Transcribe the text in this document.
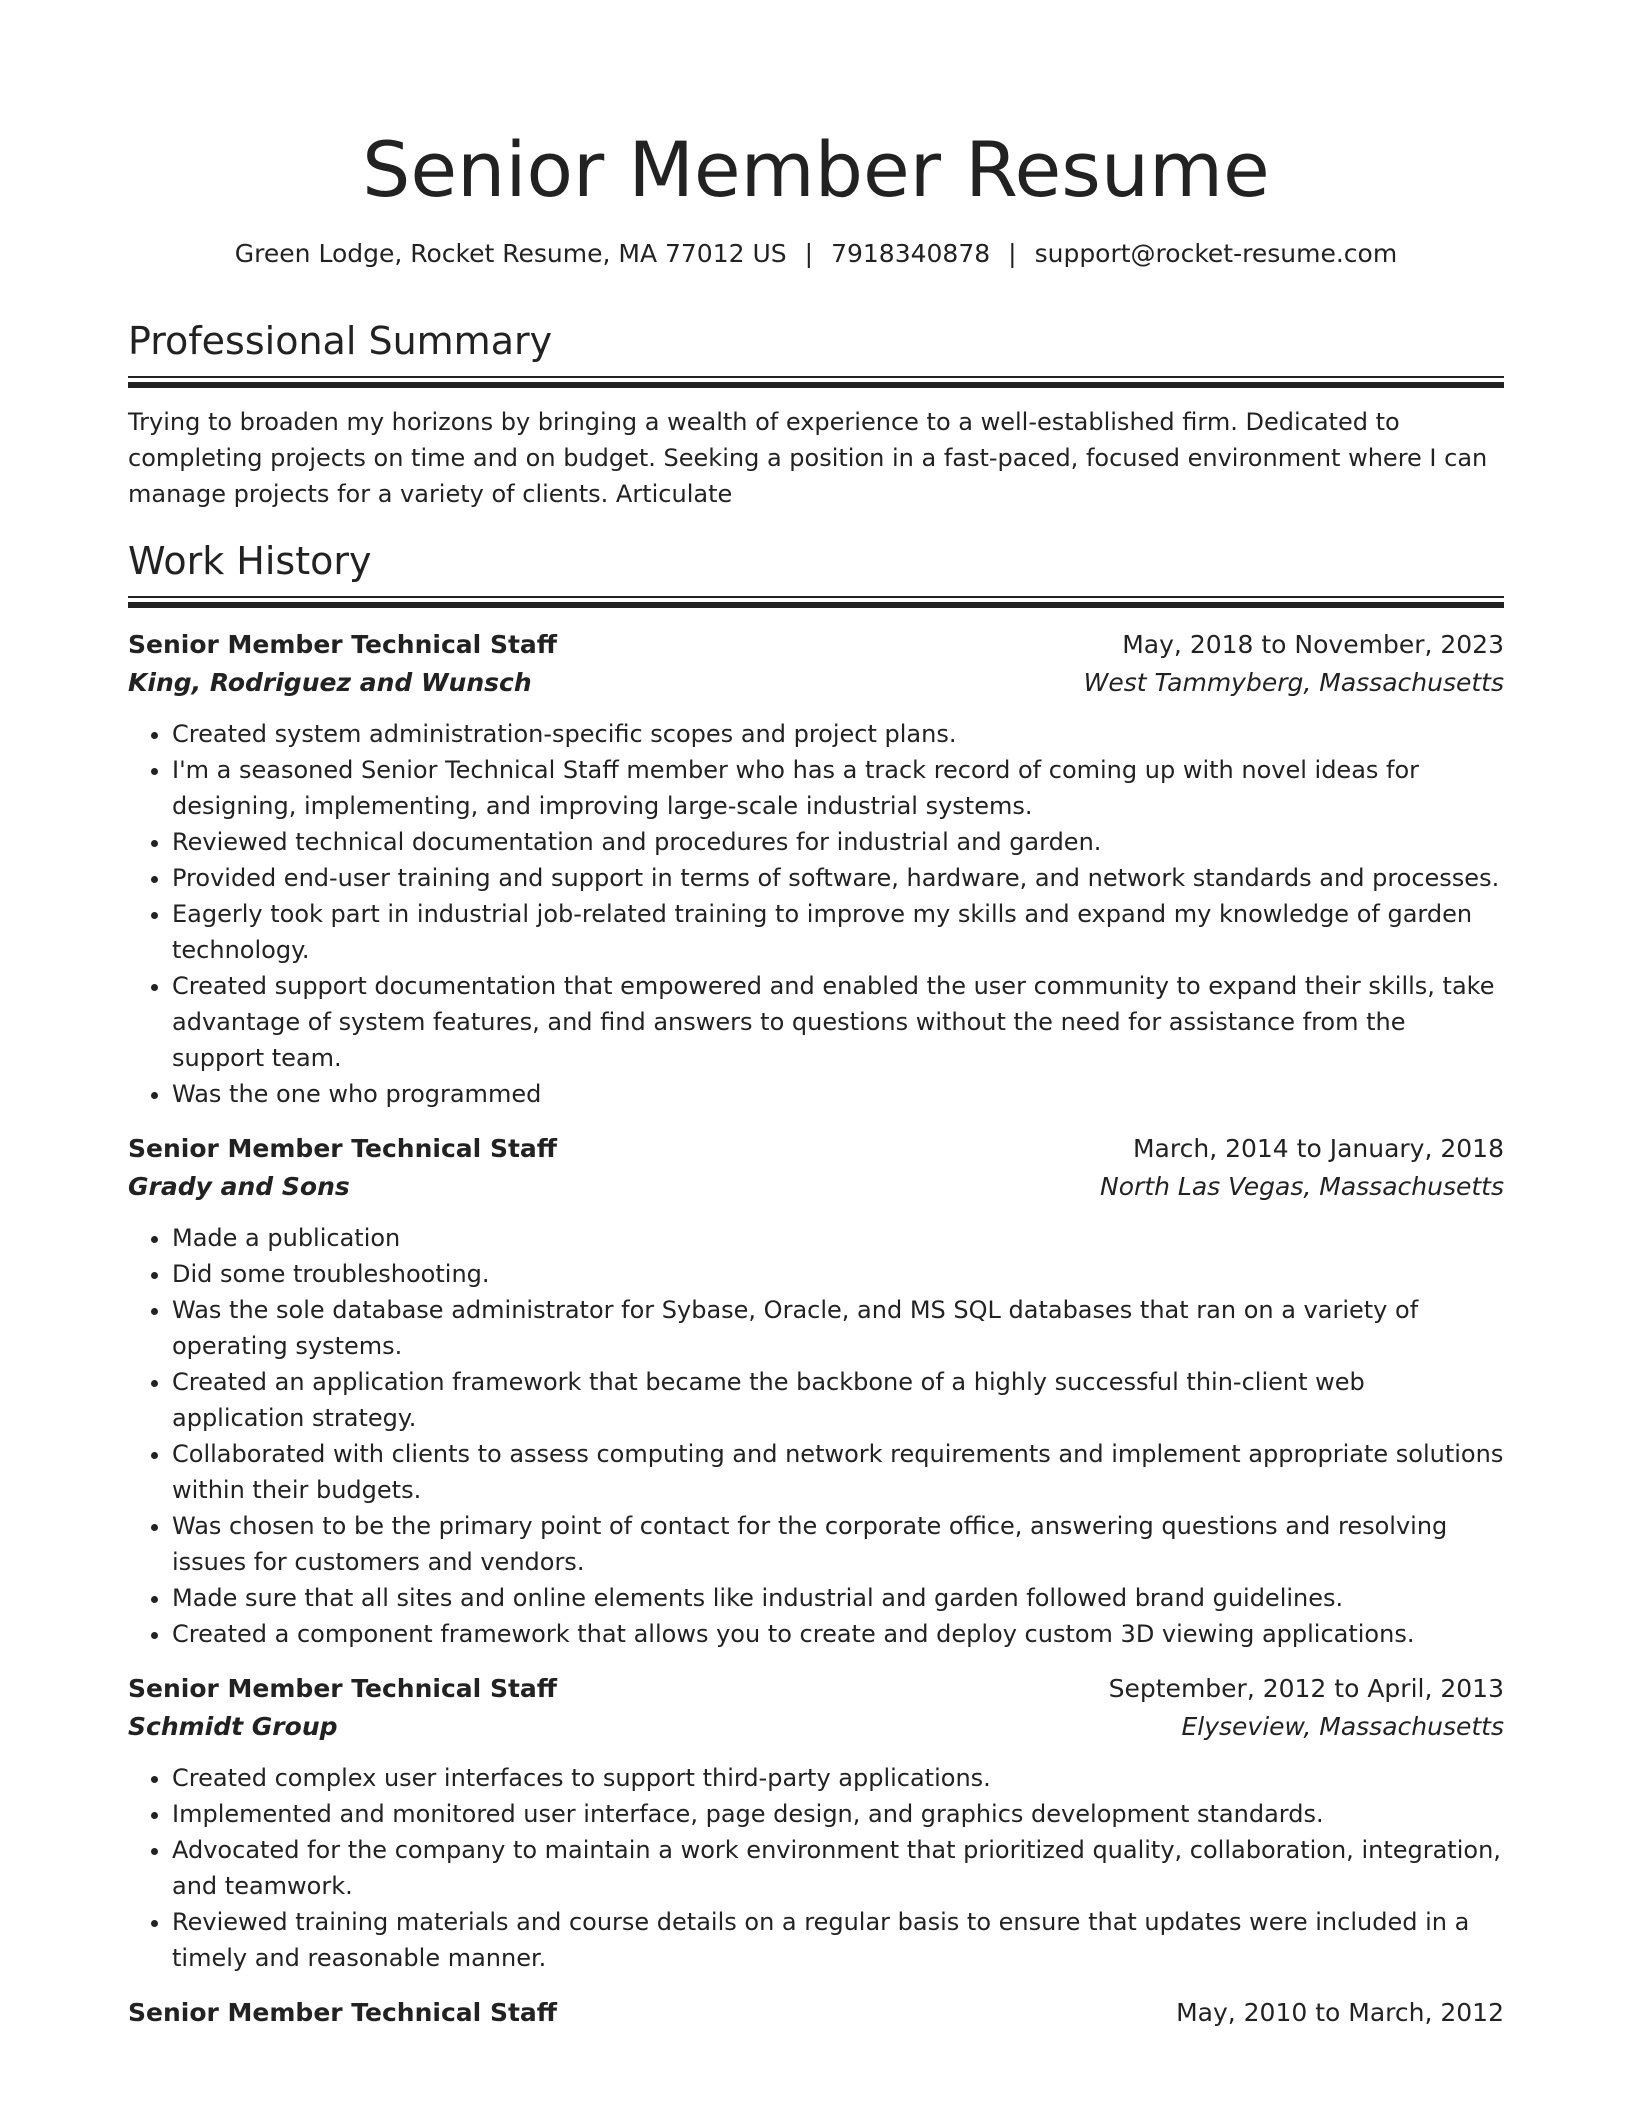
Senior Member Resume
Green Lodge, Rocket Resume, MA 77012 US | 7918340878 | support@rocket-resume.com
Professional Summary

Trying to broaden my horizons by bringing a wealth of experience to a well-established firm. Dedicated to completing projects on time and on budget. Seeking a position in a fast-paced, focused environment where I can manage projects for a variety of clients. Articulate

Work History
Senior Member Technical Staff	May, 2018 to November, 2023
King, Rodriguez and Wunsch	West Tammyberg, Massachusetts
• Created system administration-specific scopes and project plans.
• I'm a seasoned Senior Technical Staff member who has a track record of coming up with novel ideas for designing, implementing, and improving large-scale industrial systems.
• Reviewed technical documentation and procedures for industrial and garden.
• Provided end-user training and support in terms of software, hardware, and network standards and processes.
• Eagerly took part in industrial job-related training to improve my skills and expand my knowledge of garden technology.
• Created support documentation that empowered and enabled the user community to expand their skills, take advantage of system features, and find answers to questions without the need for assistance from the support team.
• Was the one who programmed
Senior Member Technical Staff	March, 2014 to January, 2018
Grady and Sons	North Las Vegas, Massachusetts
• Made a publication
• Did some troubleshooting.
• Was the sole database administrator for Sybase, Oracle, and MS SQL databases that ran on a variety of operating systems.
• Created an application framework that became the backbone of a highly successful thin-client web application strategy.
• Collaborated with clients to assess computing and network requirements and implement appropriate solutions within their budgets.
• Was chosen to be the primary point of contact for the corporate office, answering questions and resolving issues for customers and vendors.
• Made sure that all sites and online elements like industrial and garden followed brand guidelines.
• Created a component framework that allows you to create and deploy custom 3D viewing applications.
Senior Member Technical Staff	September, 2012 to April, 2013
Schmidt Group	Elyseview, Massachusetts
• Created complex user interfaces to support third-party applications.
• Implemented and monitored user interface, page design, and graphics development standards.
• Advocated for the company to maintain a work environment that prioritized quality, collaboration, integration, and teamwork.
• Reviewed training materials and course details on a regular basis to ensure that updates were included in a timely and reasonable manner.
Senior Member Technical Staff	May, 2010 to March, 2012
